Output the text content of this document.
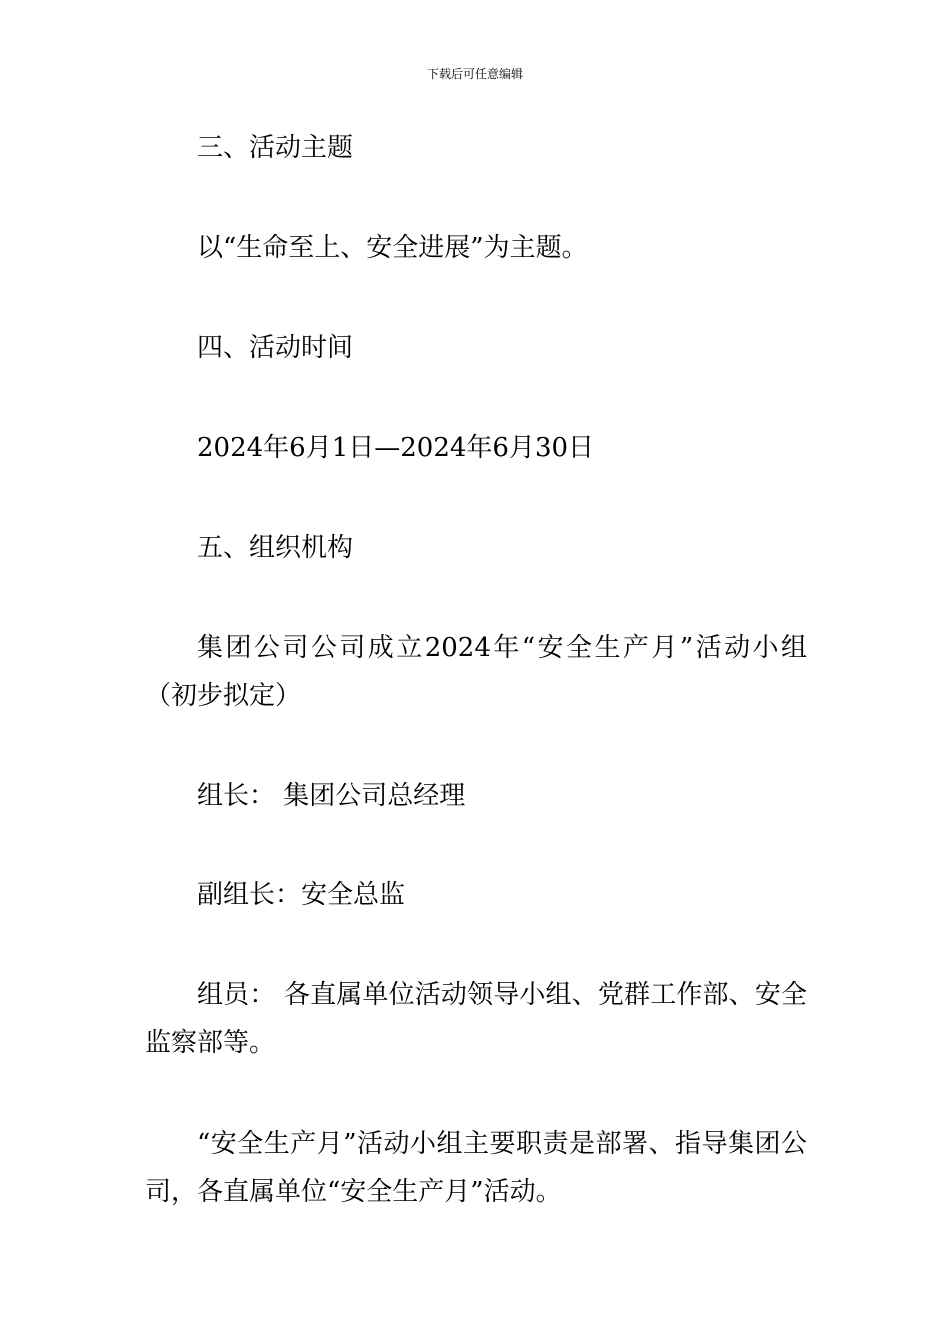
下载后可任意编辑

三、活动主题

以“生命至上、安全进展”为主题。

四、活动时间

2024年6月1日—2024年6月30日

五、组织机构

集团公司公司成立2024年“安全生产月”活动小组（初步拟定）

组长： 集团公司总经理

副组长：安全总监

组员： 各直属单位活动领导小组、党群工作部、安全监察部等。

“安全生产月”活动小组主要职责是部署、指导集团公司，各直属单位“安全生产月”活动。
